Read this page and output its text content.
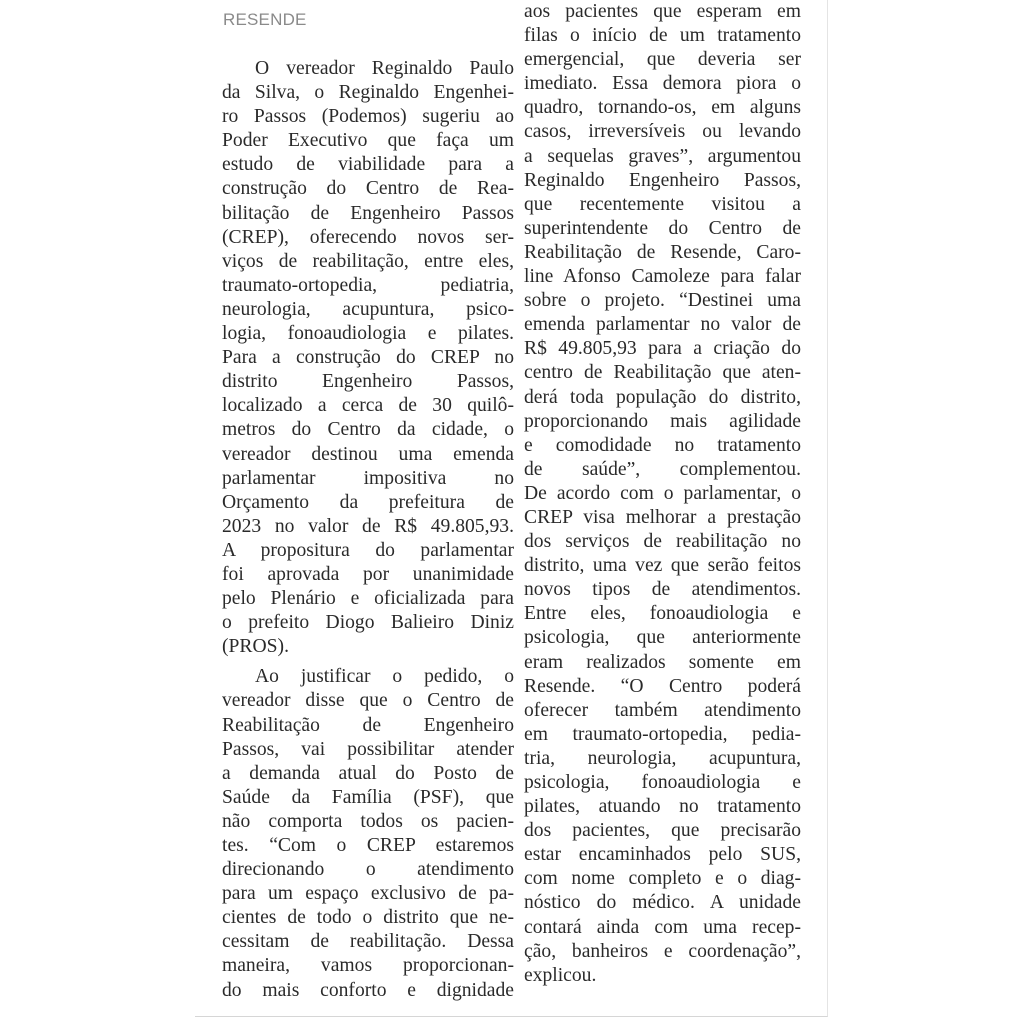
RESENDE
O vereador Reginaldo Paulo
da Silva, o Reginaldo Engenhei-
ro Passos (Podemos) sugeriu ao
Poder Executivo que faça um
estudo de viabilidade para a
construção do Centro de Rea-
bilitação de Engenheiro Passos
(CREP), oferecendo novos ser-
viços de reabilitação, entre eles,
traumato-ortopedia, pediatria,
neurologia, acupuntura, psico-
logia, fonoaudiologia e pilates.
Para a construção do CREP no
distrito Engenheiro Passos,
localizado a cerca de 30 quilô-
metros do Centro da cidade, o
vereador destinou uma emenda
parlamentar impositiva no
Orçamento da prefeitura de
2023 no valor de R$ 49.805,93.
A propositura do parlamentar
foi aprovada por unanimidade
pelo Plenário e oficializada para
o prefeito Diogo Balieiro Diniz
(PROS).
Ao justificar o pedido, o
vereador disse que o Centro de
Reabilitação de Engenheiro
Passos, vai possibilitar atender
a demanda atual do Posto de
Saúde da Família (PSF), que
não comporta todos os pacien-
tes. “Com o CREP estaremos
direcionando o atendimento
para um espaço exclusivo de pa-
cientes de todo o distrito que ne-
cessitam de reabilitação. Dessa
maneira, vamos proporcionan-
do mais conforto e dignidade
aos pacientes que esperam em
filas o início de um tratamento
emergencial, que deveria ser
imediato. Essa demora piora o
quadro, tornando-os, em alguns
casos, irreversíveis ou levando
a sequelas graves”, argumentou
Reginaldo Engenheiro Passos,
que recentemente visitou a
superintendente do Centro de
Reabilitação de Resende, Caro-
line Afonso Camoleze para falar
sobre o projeto. “Destinei uma
emenda parlamentar no valor de
R$ 49.805,93 para a criação do
centro de Reabilitação que aten-
derá toda população do distrito,
proporcionando mais agilidade
e comodidade no tratamento
de saúde”, complementou.
De acordo com o parlamentar, o
CREP visa melhorar a prestação
dos serviços de reabilitação no
distrito, uma vez que serão feitos
novos tipos de atendimentos.
Entre eles, fonoaudiologia e
psicologia, que anteriormente
eram realizados somente em
Resende. “O Centro poderá
oferecer também atendimento
em traumato-ortopedia, pedia-
tria, neurologia, acupuntura,
psicologia, fonoaudiologia e
pilates, atuando no tratamento
dos pacientes, que precisarão
estar encaminhados pelo SUS,
com nome completo e o diag-
nóstico do médico. A unidade
contará ainda com uma recep-
ção, banheiros e coordenação”,
explicou.
